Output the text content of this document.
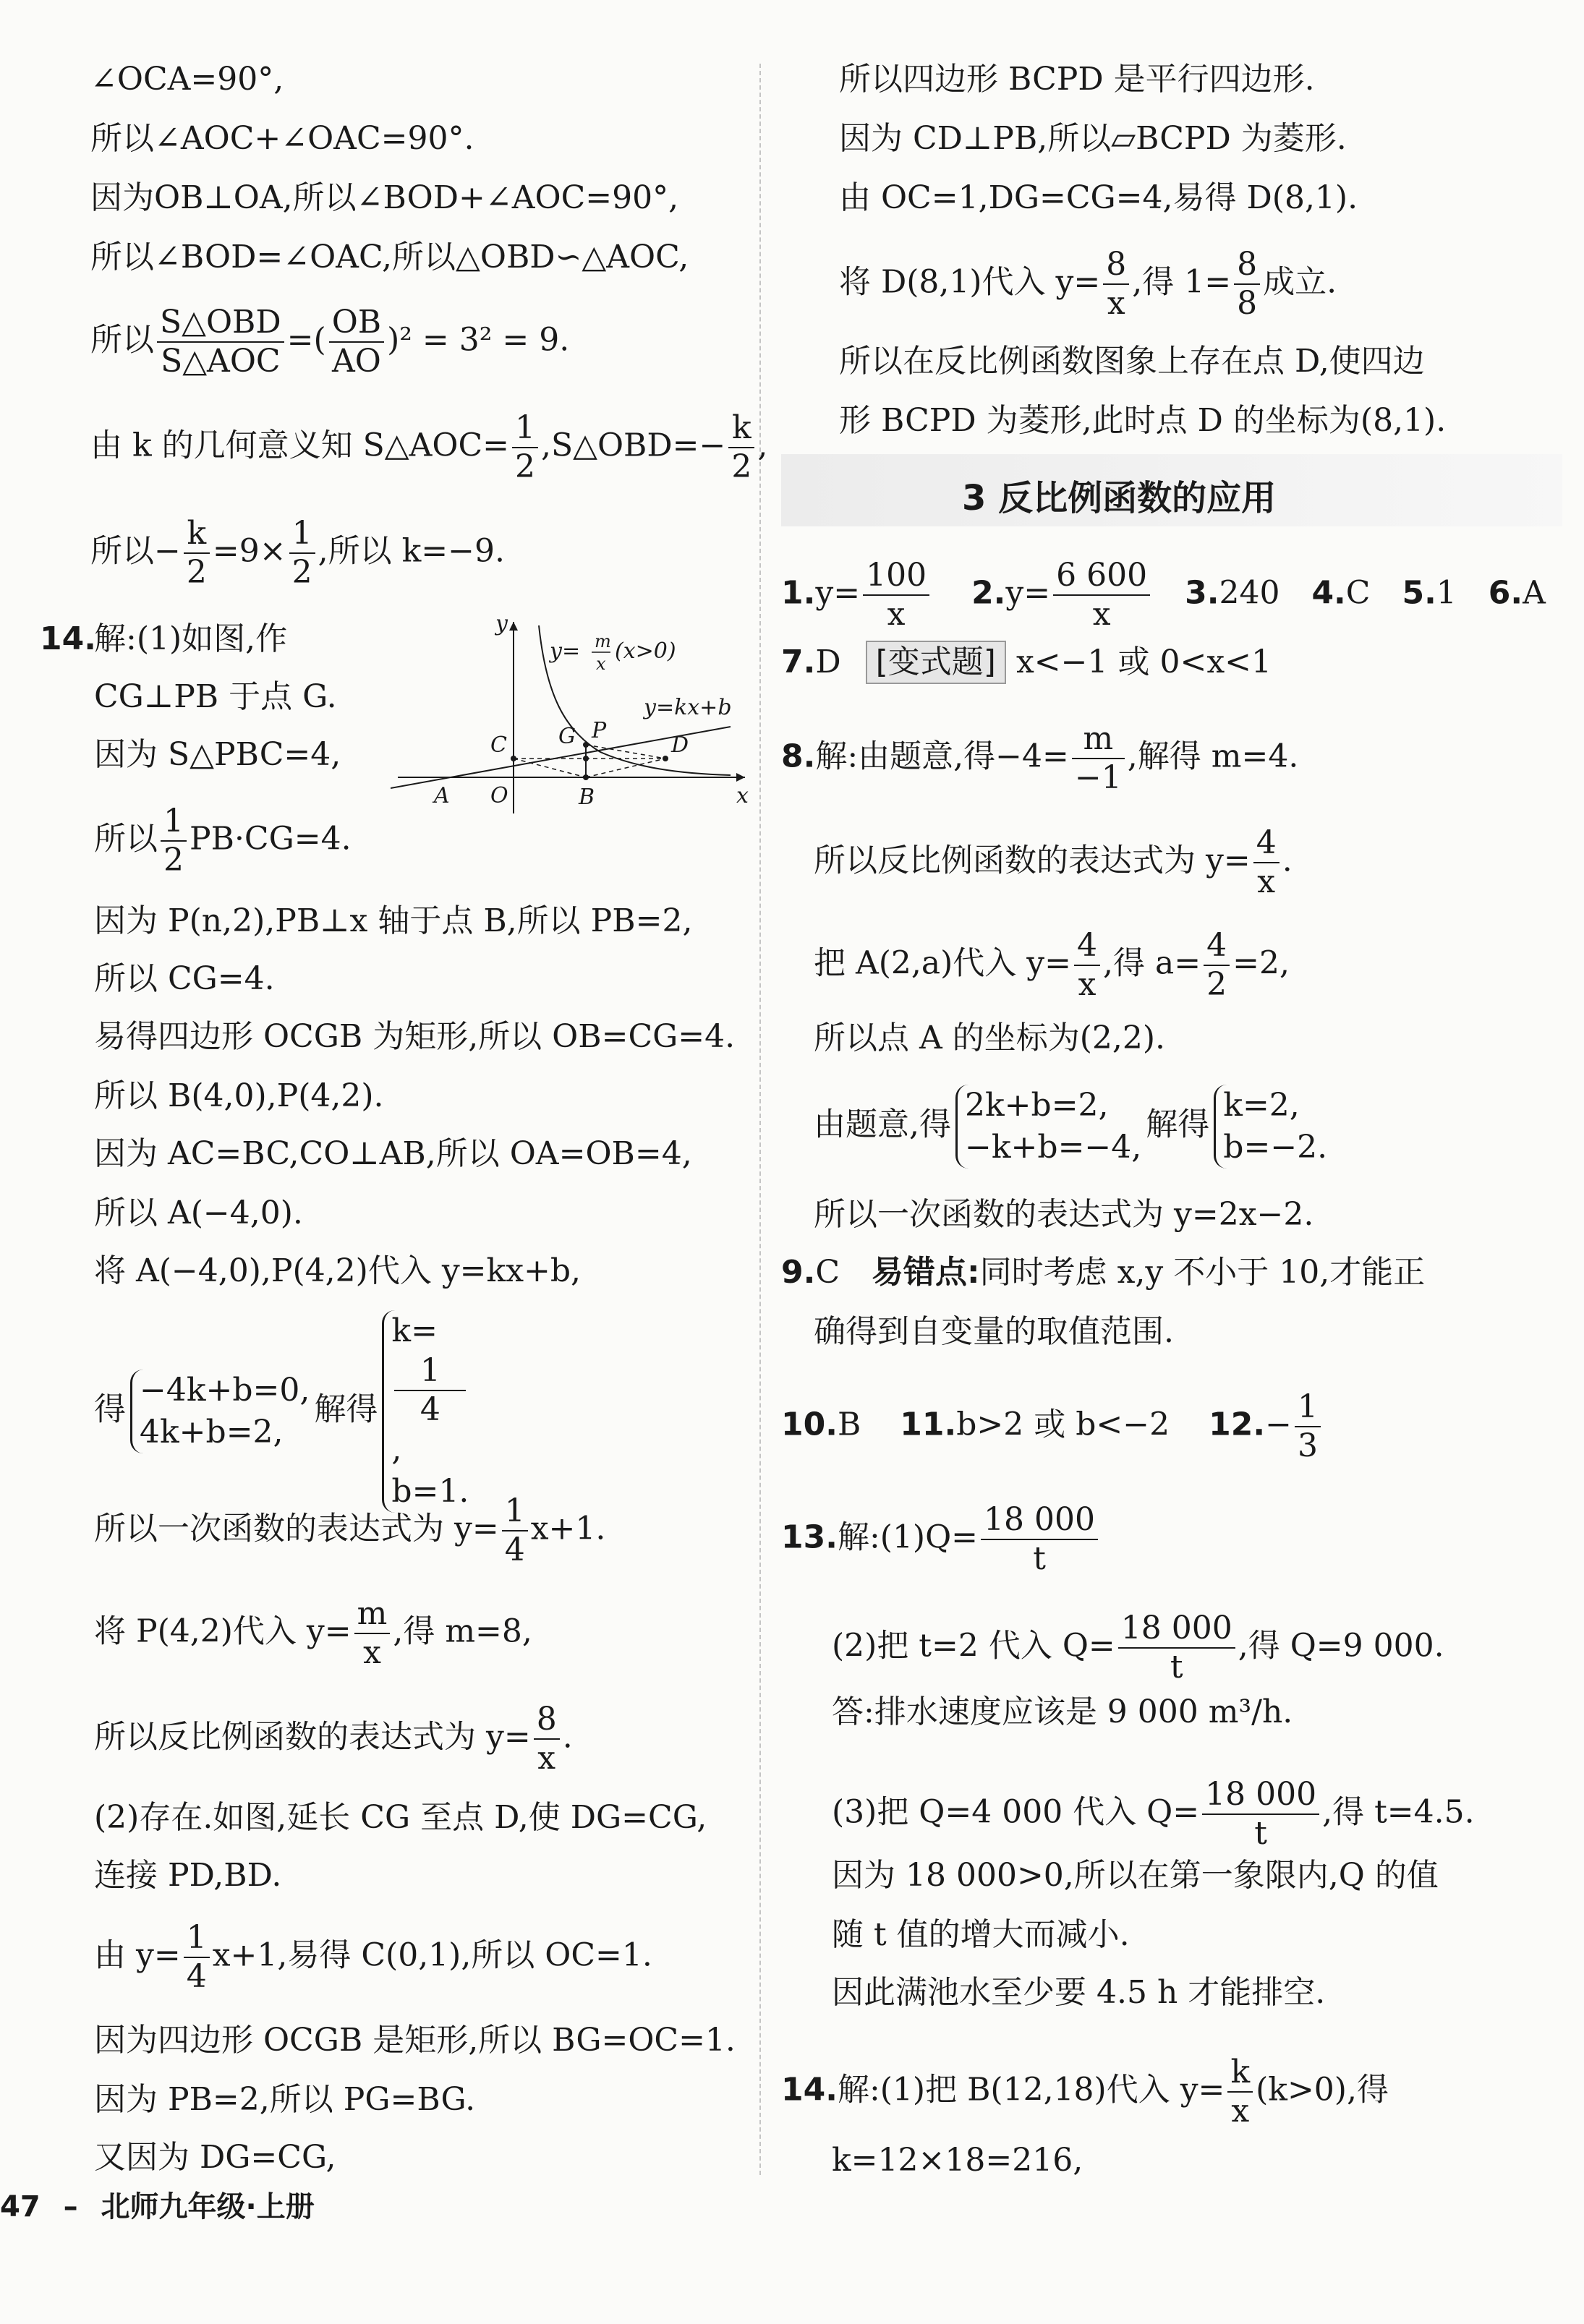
∠OCA=90°,
所以∠AOC+∠OAC=90°.
因为OB⊥OA,所以∠BOD+∠AOC=90°,
所以∠BOD=∠OAC,所以△OBD∽△AOC,
所以 $\frac{\text{S△OBD}}{\text{S△AOC}}$ =( $\frac{OB}{AO} )^2 = 3^2 = 9$.
由 k 的几何意义知 S△AOC= $\frac{1}{2}$ ,S△OBD=− $\frac{k}{2}$ ,
所以− $\frac{k}{2} =9\times \frac{1}{2}$ ,所以 k=−9.
14.
解:(1)如图,作
CG⊥PB 于点 G.
因为 S△PBC=4,
所以 $\frac{1}{2} PB\cdot CG=4$.
y
x
y= m
x (x>0)
y=kx+b
A O	B
C G P
D
因为 P(n,2),PB⊥x 轴于点 B,所以 PB=2,
所以 CG=4.
易得四边形 OCGB 为矩形,所以 OB=CG=4.
所以 B(4,0),P(4,2).
因为 AC=BC,CO⊥AB,所以 OA=OB=4,
所以 A(−4,0).
将 A(−4,0),P(4,2)代入 y=kx+b,
得
−4k+b=0,
4k+b=2,
解得
k=
1
4
,
b=1.
所以一次函数的表达式为 $y= \frac{1}{4} x+1$.
将 P(4,2)代入 $y= \frac{m}{x}$ ,得 m=8,
所以反比例函数的表达式为 $y= \frac{8}{x}$ .
(2)存在.如图,延长 CG 至点 D,使 DG=CG,
连接 PD,BD.
由 $y= \frac{1}{4} x+1$,易得 C(0,1),所以 OC=1.
因为四边形 OCGB 是矩形,所以 BG=OC=1.
因为 PB=2,所以 PG=BG.
又因为 DG=CG,
所以四边形 BCPD 是平行四边形.
因为 CD⊥PB,所以▱BCPD 为菱形.
由 OC=1,DG=CG=4,易得 D(8,1).
将 D(8,1)代入 $y= \frac{8}{x}$ ,得 $1= \frac{8}{8}$ 成立.
所以在反比例函数图象上存在点 D,使四边
形 BCPD 为菱形,此时点 D 的坐标为(8,1).
3 反比例函数的应用
$1.y= \frac{100}{x} 2.y= \frac{6 600}{x} 3.240$ 4.C 5.1 6.A
7.D [变式题] x<−1 或 0<x<1
8.解:由题意,得$-4= \frac{m}{-1}$ ,解得 m=4.
所以反比例函数的表达式为 $y= \frac{4}{x}$ .
把 A(2,a)代入 $y= \frac{4}{x}$ ,得 $a= \frac{4}{2} =2$,
所以点 A 的坐标为(2,2).
由题意,得
2k+b=2,
−k+b=−4,
解得
k=2,
b=−2.
所以一次函数的表达式为 y=2x−2.
9.C 易错点:同时考虑 x,y 不小于 10,才能正
确得到自变量的取值范围.
10.B 11.b>2 或 b<−2 $12.- \frac{1}{3}$
13.解:(1)Q= $\frac{18 000}{t}$
(2)把 t=2 代入 $Q= \frac{18 000}{t}$ ,得 Q=9 000.
答:排水速度应该是 9 000 m³/h.
(3)把 Q=4 000 代入 $Q= \frac{18 000}{t}$ ,得 t=4.5.
因为 18 000>0,所以在第一象限内,Q 的值
随 t 值的增大而减小.
因此满池水至少要 4.5 h 才能排空.
14.解:(1)把 B(12,18)代入 $y= \frac{k}{x} (k>0)$,得
k=12×18=216,
47 – 北师九年级·上册
